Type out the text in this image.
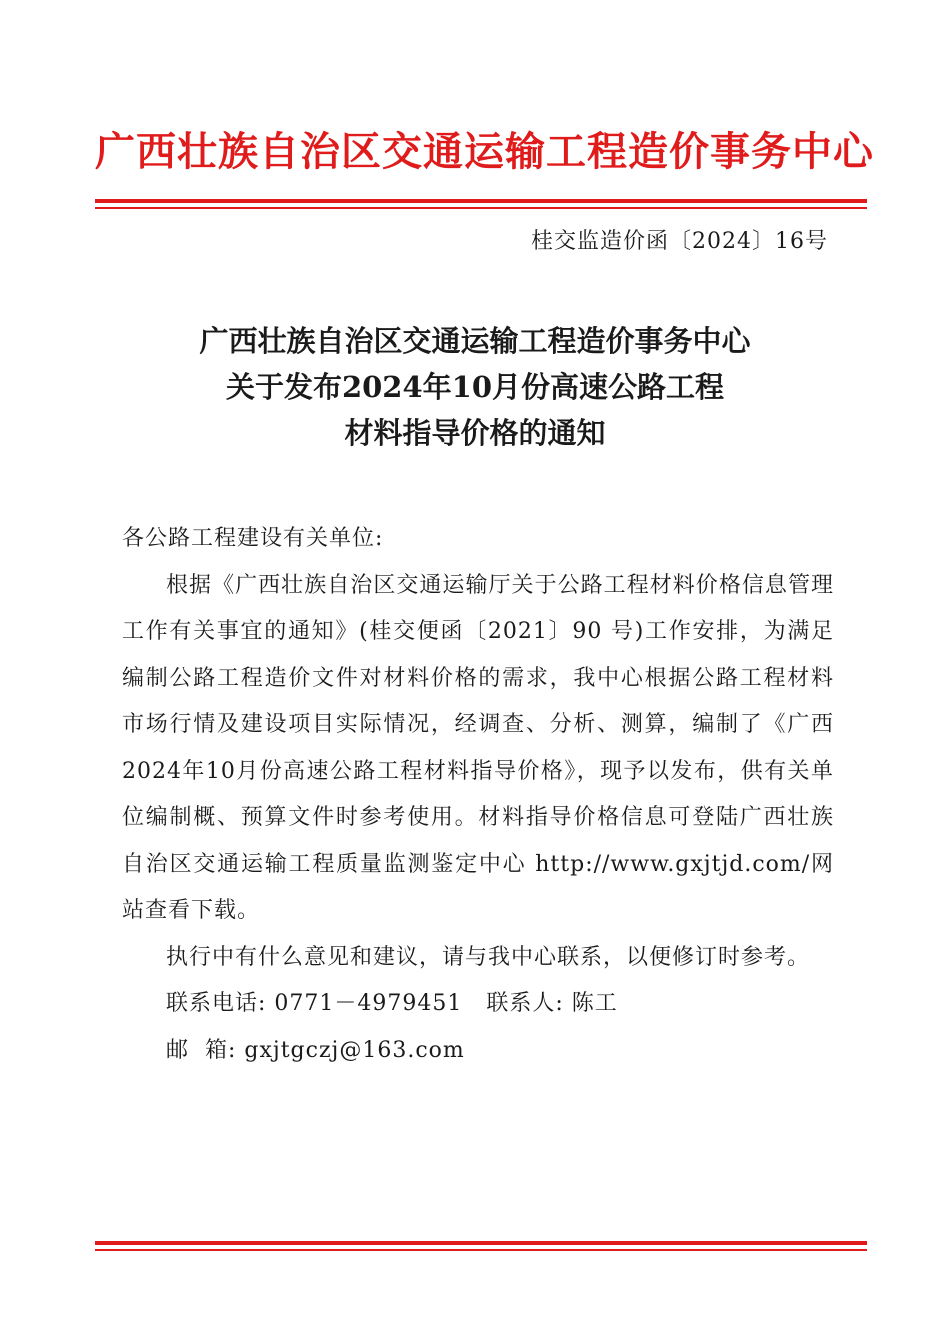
广西壮族自治区交通运输工程造价事务中心
桂交监造价函〔2024〕16号
广西壮族自治区交通运输工程造价事务中心
关于发布2024年10月份高速公路工程
材料指导价格的通知

各公路工程建设有关单位:

根据《广西壮族自治区交通运输厅关于公路工程材料价格信息管理工作有关事宜的通知》(桂交便函〔2021〕90 号)工作安排，为满足编制公路工程造价文件对材料价格的需求，我中心根据公路工程材料市场行情及建设项目实际情况，经调查、分析、测算，编制了《广西2024年10月份高速公路工程材料指导价格》，现予以发布，供有关单位编制概、预算文件时参考使用。材料指导价格信息可登陆广西壮族自治区交通运输工程质量监测鉴定中心 http://www.gxjtjd.com/网站查看下载。

执行中有什么意见和建议，请与我中心联系，以便修订时参考。

联系电话: 0771－4979451 联系人: 陈工

邮  箱: gxjtgczj@163.com
